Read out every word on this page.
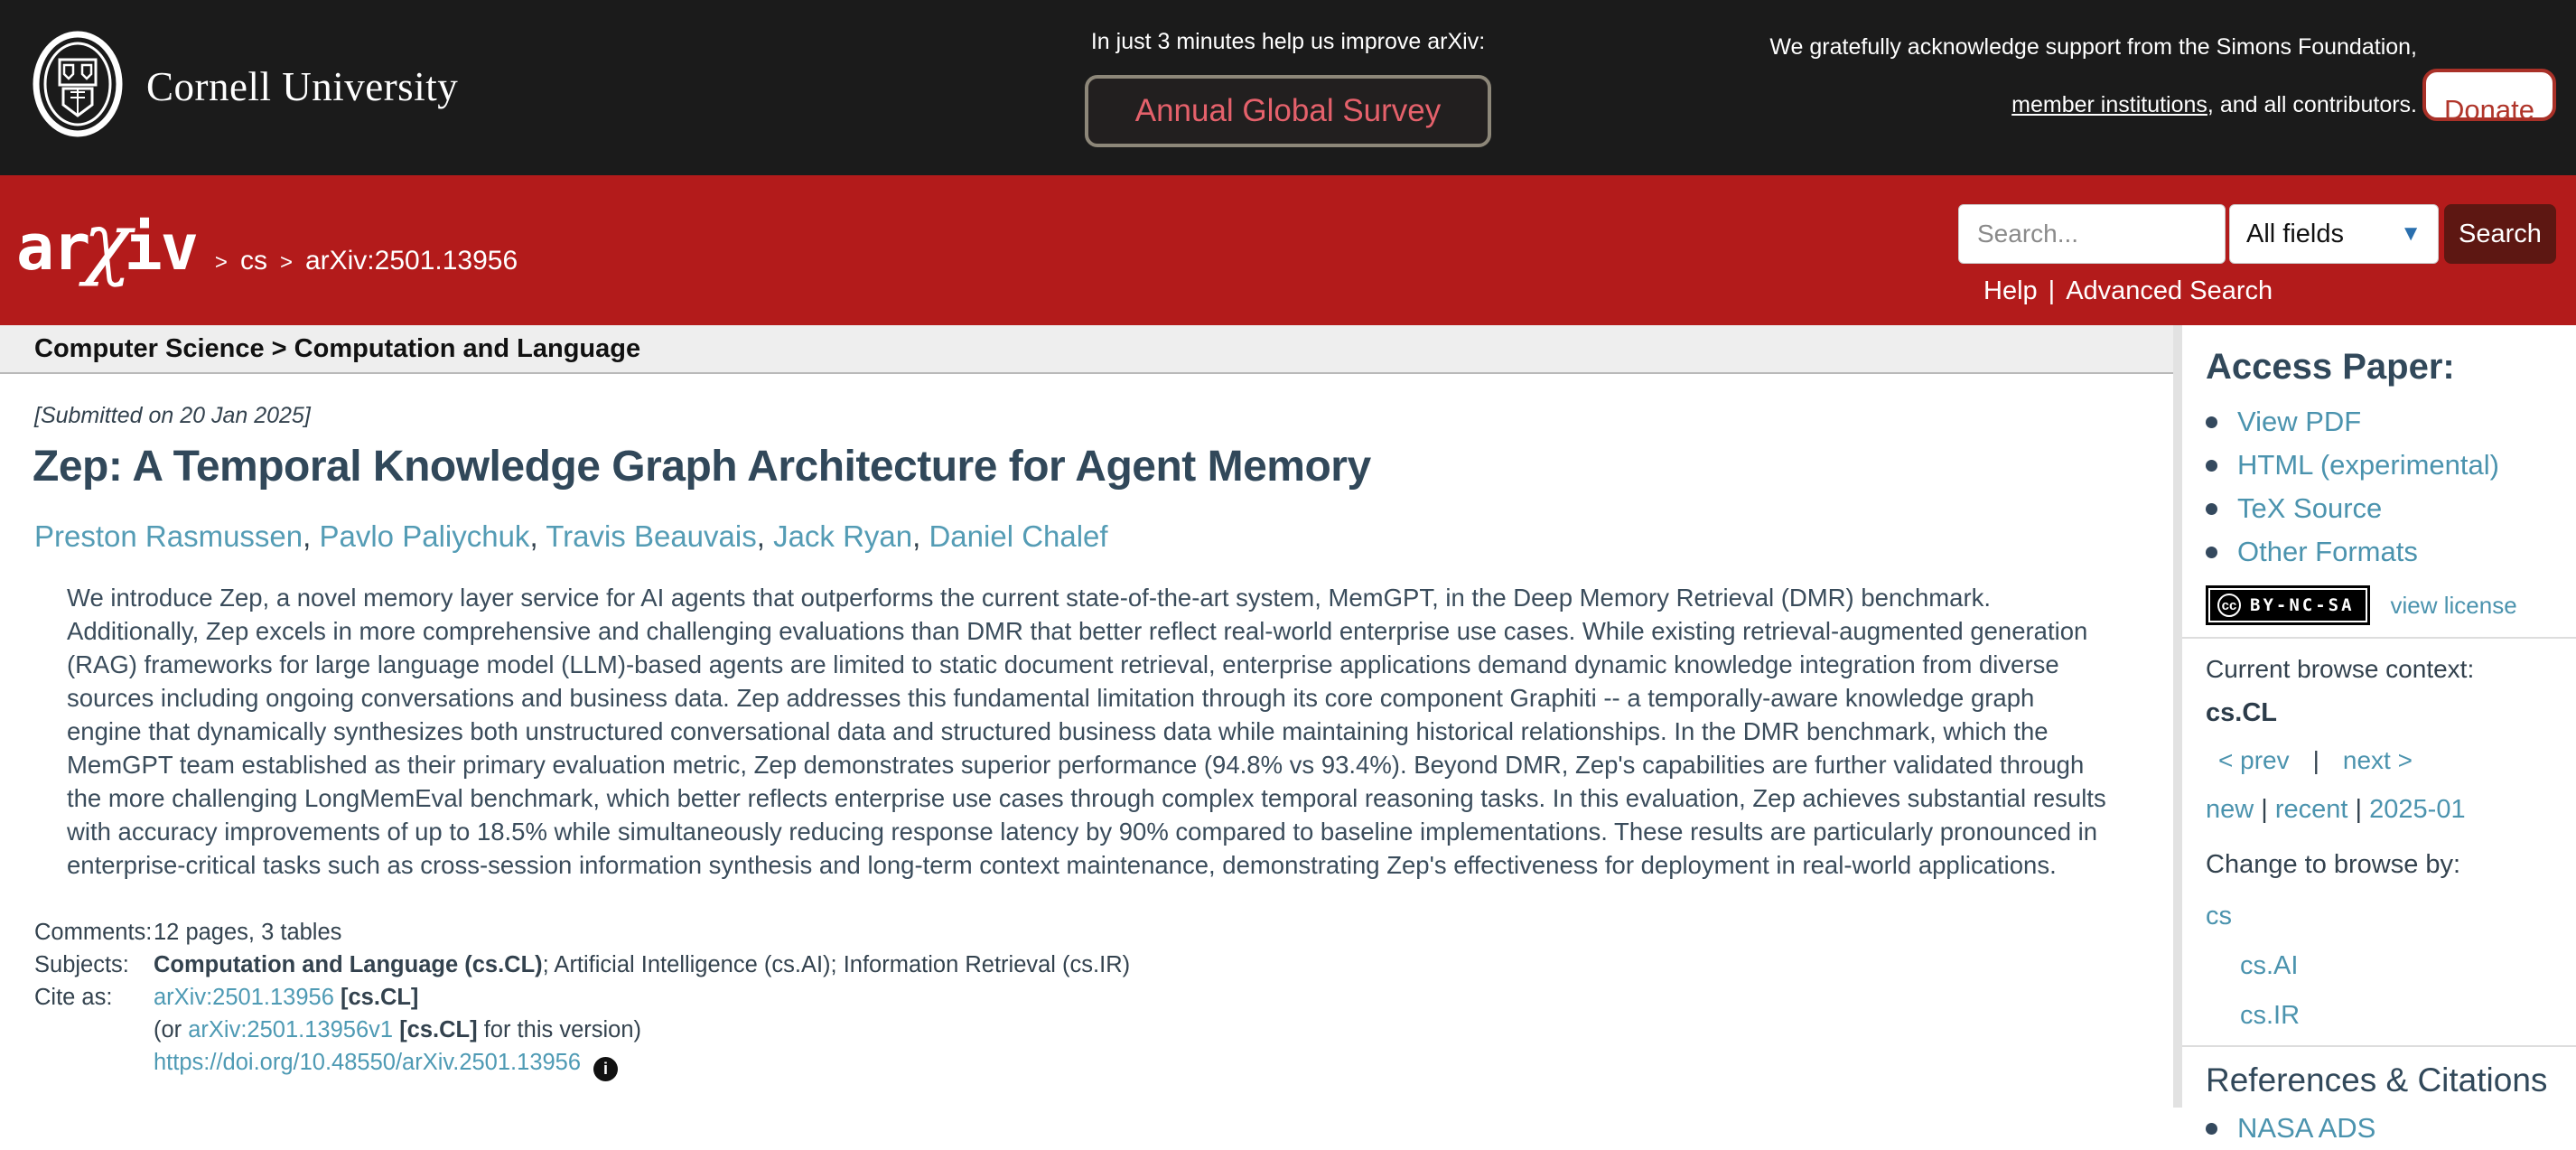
Cornell University
In just 3 minutes help us improve arXiv:
Annual Global Survey
We gratefully acknowledge support from the Simons Foundation,
member institutions, and all contributors. Donate
arχiv > cs > arXiv:2501.13956
Search...
All fields	▼	Search
Help | Advanced Search
Computer Science > Computation and Language
[Submitted on 20 Jan 2025]
Zep: A Temporal Knowledge Graph Architecture for Agent Memory
Preston Rasmussen, Pavlo Paliychuk, Travis Beauvais, Jack Ryan, Daniel Chalef
We introduce Zep, a novel memory layer service for AI agents that outperforms the current state-of-the-art system, MemGPT, in the Deep Memory Retrieval (DMR) benchmark. Additionally, Zep excels in more comprehensive and challenging evaluations than DMR that better reflect real-world enterprise use cases. While existing retrieval-augmented generation (RAG) frameworks for large language model (LLM)-based agents are limited to static document retrieval, enterprise applications demand dynamic knowledge integration from diverse sources including ongoing conversations and business data. Zep addresses this fundamental limitation through its core component Graphiti -- a temporally-aware knowledge graph engine that dynamically synthesizes both unstructured conversational data and structured business data while maintaining historical relationships. In the DMR benchmark, which the MemGPT team established as their primary evaluation metric, Zep demonstrates superior performance (94.8% vs 93.4%). Beyond DMR, Zep's capabilities are further validated through the more challenging LongMemEval benchmark, which better reflects enterprise use cases through complex temporal reasoning tasks. In this evaluation, Zep achieves substantial results with accuracy improvements of up to 18.5% while simultaneously reducing response latency by 90% compared to baseline implementations. These results are particularly pronounced in enterprise-critical tasks such as cross-session information synthesis and long-term context maintenance, demonstrating Zep's effectiveness for deployment in real-world applications.
Comments: 12 pages, 3 tables
Subjects:	Computation and Language (cs.CL); Artificial Intelligence (cs.AI); Information Retrieval (cs.IR)
Cite as:	arXiv:2501.13956 [cs.CL]
(or arXiv:2501.13956v1 [cs.CL] for this version)
https://doi.org/10.48550/arXiv.2501.13956 i
Access Paper:
View PDF
HTML (experimental)
TeX Source
Other Formats
cc BY-NC-SA view license
Current browse context:
cs.CL
< prev | next >
new | recent | 2025-01
Change to browse by:
cs
cs.AI
cs.IR
References & Citations
NASA ADS
